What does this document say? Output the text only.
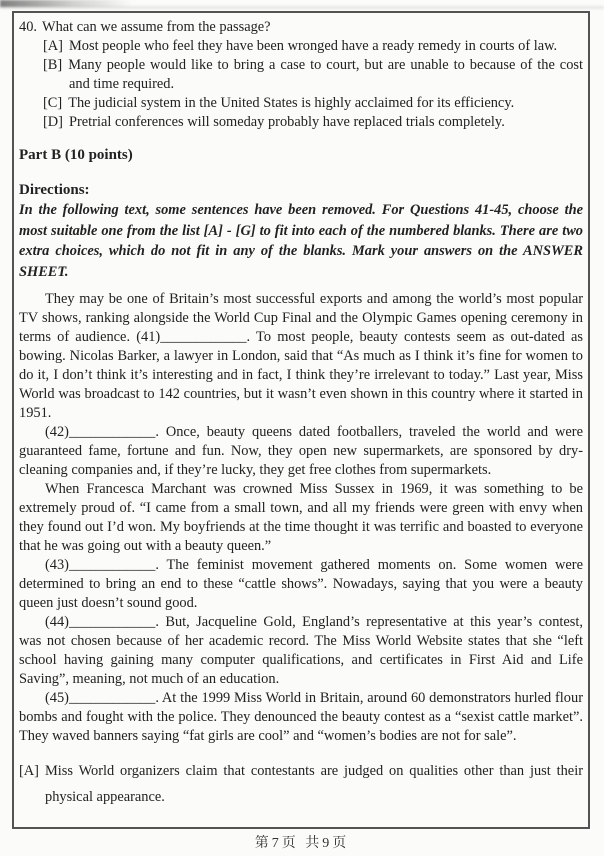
40. What can we assume from the passage?
[A] Most people who feel they have been wronged have a ready remedy in courts of law.
[B] Many people would like to bring a case to court, but are unable to because of the cost and time required.
[C] The judicial system in the United States is highly acclaimed for its efficiency.
[D] Pretrial conferences will someday probably have replaced trials completely.
Part B (10 points)
Directions:
In the following text, some sentences have been removed. For Questions 41-45, choose the most suitable one from the list [A] - [G] to fit into each of the numbered blanks. There are two extra choices, which do not fit in any of the blanks. Mark your answers on the ANSWER SHEET.

They may be one of Britain’s most successful exports and among the world’s most popular TV shows, ranking alongside the World Cup Final and the Olympic Games opening ceremony in terms of audience. (41)____________. To most people, beauty contests seem as out-dated as bowing. Nicolas Barker, a lawyer in London, said that “As much as I think it’s fine for women to do it, I don’t think it’s interesting and in fact, I think they’re irrelevant to today.” Last year, Miss World was broadcast to 142 countries, but it wasn’t even shown in this country where it started in 1951.

(42)____________. Once, beauty queens dated footballers, traveled the world and were guaranteed fame, fortune and fun. Now, they open new supermarkets, are sponsored by dry-cleaning companies and, if they’re lucky, they get free clothes from supermarkets.

When Francesca Marchant was crowned Miss Sussex in 1969, it was something to be extremely proud of. “I came from a small town, and all my friends were green with envy when they found out I’d won. My boyfriends at the time thought it was terrific and boasted to everyone that he was going out with a beauty queen.”

(43)____________. The feminist movement gathered moments on. Some women were determined to bring an end to these “cattle shows”. Nowadays, saying that you were a beauty queen just doesn’t sound good.

(44)____________. But, Jacqueline Gold, England’s representative at this year’s contest, was not chosen because of her academic record. The Miss World Website states that she “left school having gaining many computer qualifications, and certificates in First Aid and Life Saving”, meaning, not much of an education.

(45)____________. At the 1999 Miss World in Britain, around 60 demonstrators hurled flour bombs and fought with the police. They denounced the beauty contest as a “sexist cattle market”. They waved banners saying “fat girls are cool” and “women’s bodies are not for sale”.

[A] Miss World organizers claim that contestants are judged on qualities other than just their physical appearance.
第7页 共9页
